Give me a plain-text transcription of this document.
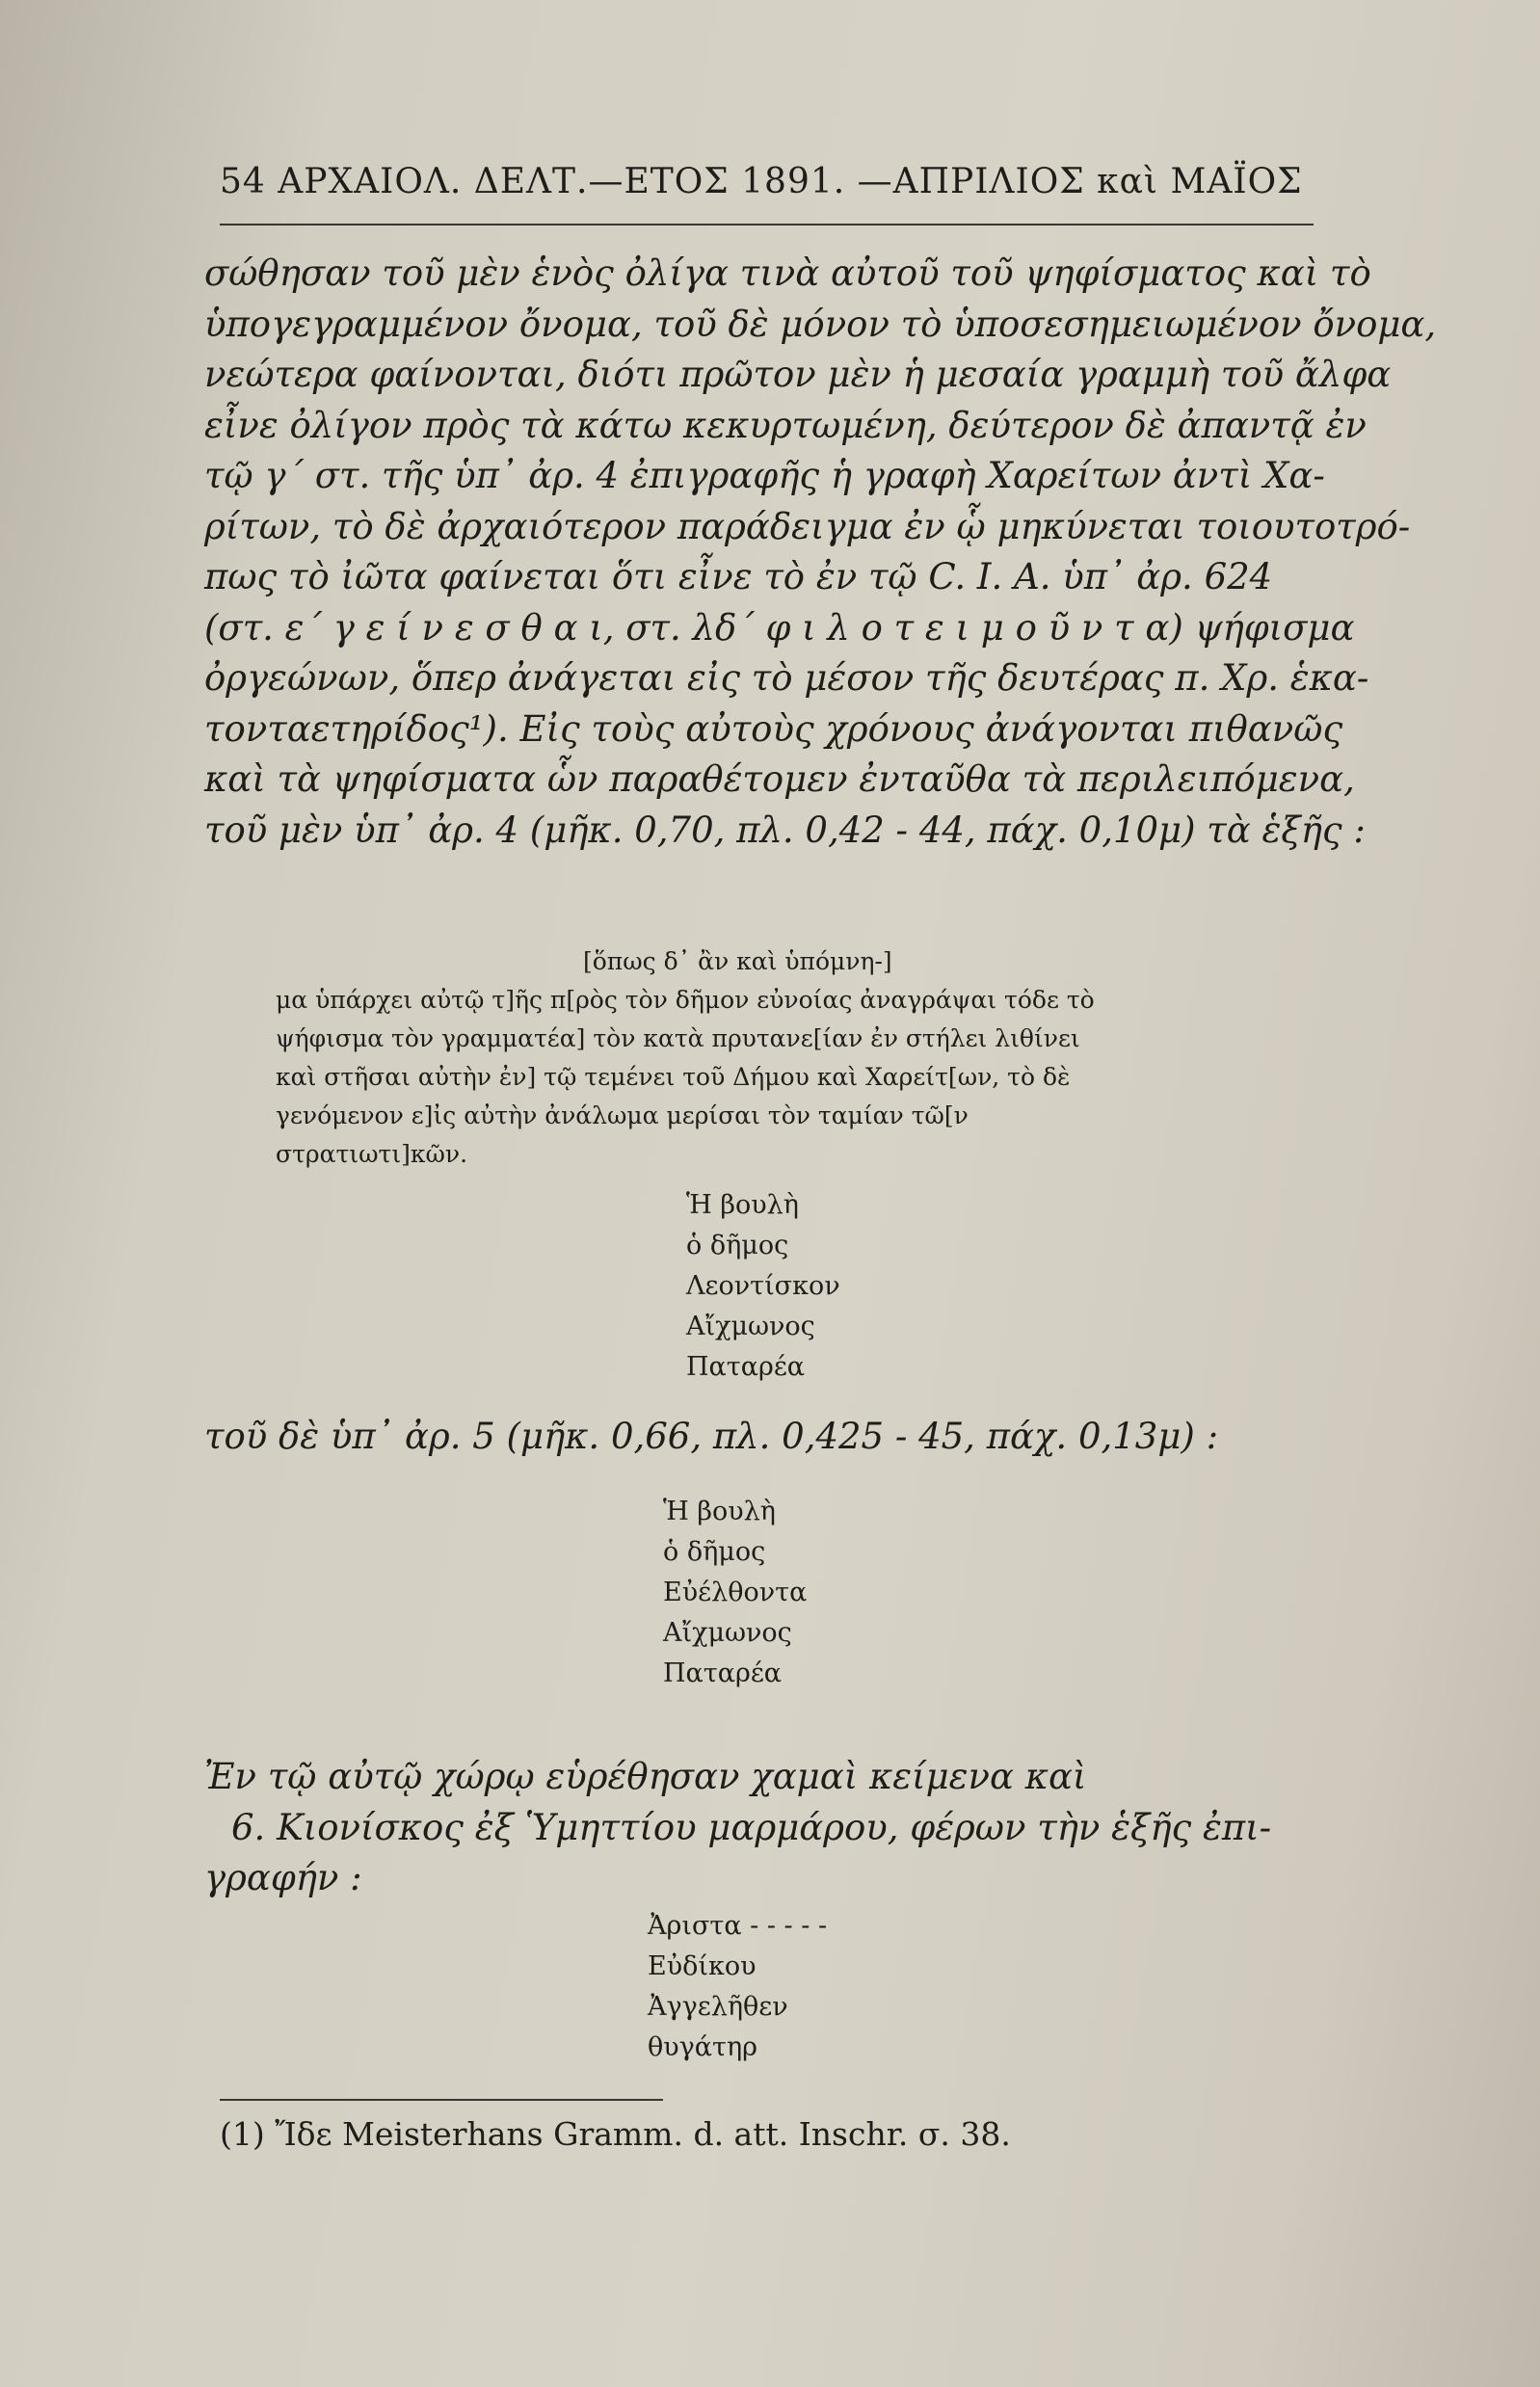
54 ΑΡΧΑΙΟΛ. ΔΕΛΤ.—ΕΤΟΣ 1891. —ΑΠΡΙΛΙΟΣ καὶ ΜΑΪΟΣ
σώθησαν τοῦ μὲν ἑνὸς ὀλίγα τινὰ αὐτοῦ τοῦ ψηφίσματος καὶ τὸ
ὑπογεγραμμένον ὄνομα, τοῦ δὲ μόνον τὸ ὑποσεσημειωμένον ὄνομα,
νεώτερα φαίνονται, διότι πρῶτον μὲν ἡ μεσαία γραμμὴ τοῦ ἄλφα
εἶνε ὀλίγον πρὸς τὰ κάτω κεκυρτωμένη, δεύτερον δὲ ἀπαντᾷ ἐν
τῷ γ΄ στ. τῆς ὑπ᾽ ἀρ. 4 ἐπιγραφῆς ἡ γραφὴ Χαρείτων ἀντὶ Χα-
ρίτων, τὸ δὲ ἀρχαιότερον παράδειγμα ἐν ᾧ μηκύνεται τοιουτοτρό-
πως τὸ ἰῶτα φαίνεται ὅτι εἶνε τὸ ἐν τῷ C. I. A. ὑπ᾽ ἀρ. 624
(στ. ε΄ γ ε ί ν ε σ θ α ι, στ. λδ΄ φ ι λ ο τ ε ι μ ο ῦ ν τ α) ψήφισμα
ὀργεώνων, ὅπερ ἀνάγεται εἰς τὸ μέσον τῆς δευτέρας π. Χρ. ἑκα-
τονταετηρίδος¹). Εἰς τοὺς αὐτοὺς χρόνους ἀνάγονται πιθανῶς
καὶ τὰ ψηφίσματα ὧν παραθέτομεν ἐνταῦθα τὰ περιλειπόμενα,
τοῦ μὲν ὑπ᾽ ἀρ. 4 (μῆκ. 0,70, πλ. 0,42 - 44, πάχ. 0,10μ) τὰ ἑξῆς :
[ὅπως δ᾽ ἂν καὶ ὑπόμνη-]
μα ὑπάρχει αὐτῷ τ]ῆς π[ρὸς τὸν δῆμον εὐνοίας ἀναγράψαι τόδε τὸ
ψήφισμα τὸν γραμματέα] τὸν κατὰ πρυτανε[ίαν ἐν στήλει λιθίνει
καὶ στῆσαι αὐτὴν ἐν] τῷ τεμένει τοῦ Δήμου καὶ Χαρείτ[ων, τὸ δὲ
γενόμενον ε]ἰς αὐτὴν ἀνάλωμα μερίσαι τὸν ταμίαν τῶ[ν
στρατιωτι]κῶν.
Ἡ βουλὴ
ὁ δῆμος
Λεοντίσκον
Αἴχμωνος
Παταρέα
τοῦ δὲ ὑπ᾽ ἀρ. 5 (μῆκ. 0,66, πλ. 0,425 - 45, πάχ. 0,13μ) :
Ἡ βουλὴ
ὁ δῆμος
Εὐέλθοντα
Αἴχμωνος
Παταρέα
Ἐν τῷ αὐτῷ χώρῳ εὑρέθησαν χαμαὶ κείμενα καὶ
6. Κιονίσκος ἐξ Ὑμηττίου μαρμάρου, φέρων τὴν ἑξῆς ἐπι-
γραφήν :
Ἀριστα - - - - -
Εὐδίκου
Ἀγγελῆθεν
θυγάτηρ
(1) Ἴδε Meisterhans Gramm. d. att. Inschr. σ. 38.
